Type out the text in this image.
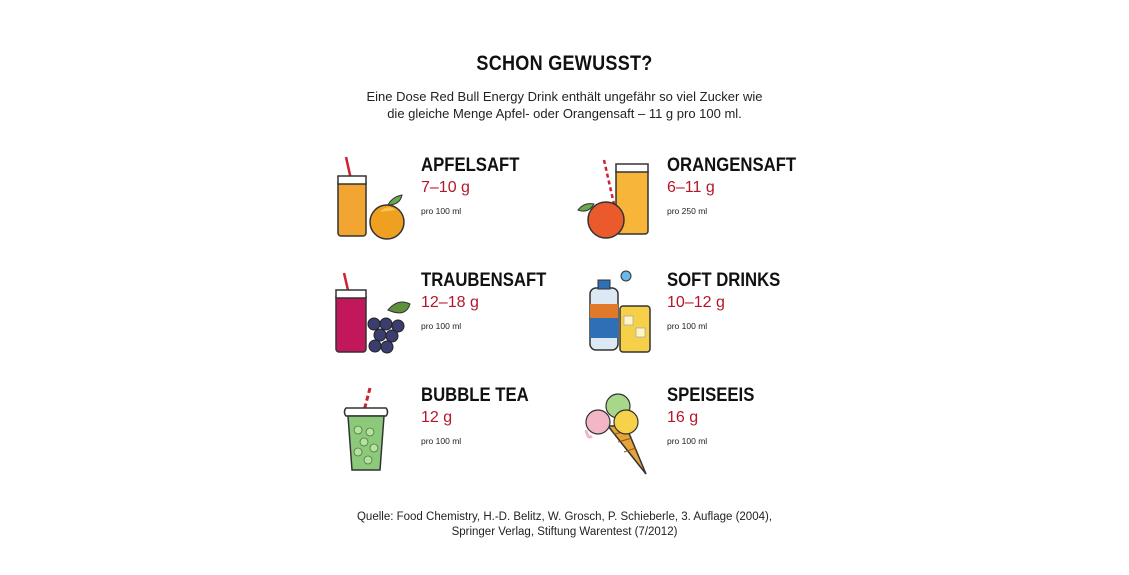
SCHON GEWUSST?
Eine Dose Red Bull Energy Drink enthält ungefähr so viel Zucker wie
die gleiche Menge Apfel- oder Orangensaft – 11 g pro 100 ml.
APFELSAFT
7–10 g
pro 100 ml
ORANGENSAFT
6–11 g
pro 250 ml
TRAUBENSAFT
12–18 g
pro 100 ml
SOFT DRINKS
10–12 g
pro 100 ml
BUBBLE TEA
12 g
pro 100 ml
SPEISEEIS
16 g
pro 100 ml
Quelle: Food Chemistry, H.-D. Belitz, W. Grosch, P. Schieberle, 3. Auflage (2004),
Springer Verlag, Stiftung Warentest (7/2012)
